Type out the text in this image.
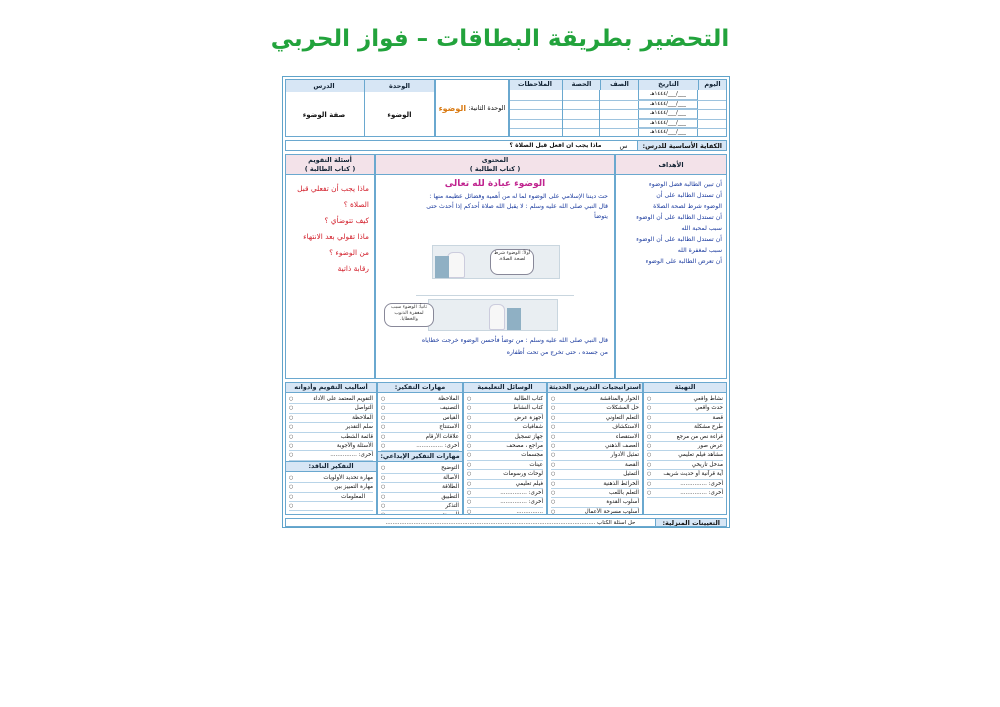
التحضير بطريقة البطاقات – فواز الحربي
اليوم
التاريخ
الصف
الحصة
الملاحظات
___/___/١٤٤٤هـ
___/___/١٤٤٤هـ
___/___/١٤٤٤هـ
___/___/١٤٤٤هـ
___/___/١٤٤٤هـ
الوحدة الثانية:
الوضوء
الوحدة
الدرس
الوضوء
صفة الوضوء
الكفاية الأساسية للدرس:
س
ماذا يجب ان افعل قبل الصلاة ؟
الأهداف

أن تبين الطالبة فضل الوضوء

أن تستدل الطالبة على أن

الوضوء شرط لصحة الصلاة

أن تستدل الطالبة على أن الوضوء

سبب لمحبة الله

أن تستدل الطالبة على أن الوضوء

سبب لمغفرة الله

أن تعرض الطالبة على الوضوء

المحتوى
( كتاب الطالبة )
الوضوء عبادة لله تعالى

حث ديننا الإسلامي على الوضوء لما له من أهمية وفضائل عظيمة منها :

قال النبي صلى الله عليه وسلم : لا يقبل الله صلاة أحدكم إذا أحدث حتى يتوضأ

أولاً: الوضوء شرط لصحة الصلاة.
ثانياً: الوضوء سبب لمغفرة الذنوب والخطايا.

قال النبي صلى الله عليه وسلم : من توضأ فأحسن الوضوء خرجت خطاياه

من جسده ، حتى تخرج من تحت أظفاره

أسئلة التقويم
( كتاب الطالبة )

ماذا يجب أن تفعلي قبل

الصلاة ؟

كيف تتوضأي ؟

ماذا تقولي بعد الانتهاء

من الوضوء ؟

رقابة ذاتية

التهيئة
نشاط واقعي ○
حدث واقعي ○
قصة ○
طرح مشكلة ○
قراءة نص من مرجع ○
عرض صور ○
مشاهد فيلم تعليمي ○
مدخل تاريخي ○
آية قرآنية أو حديث شريف ○
أخرى: ............... ○
أخرى: ............... ○
استراتيجيات التدريس الحديثة
الحوار والمناقشة ○
حل المشكلات ○
التعلم التعاوني ○
الاستكشاف ○
الاستقصاء ○
العصف الذهني ○
تمثيل الأدوار ○
القصة ○
التمثيل ○
الخرائط الذهنية ○
التعلم باللعب ○
أسلوب القدوة ○
أسلوب مسرحة الأعمال ○
الوسائل التعليمية
كتاب الطالبة ○
كتاب النشاط ○
أجهزة عرض ○
شفافيات ○
جهاز تسجيل ○
مراجع ، مصحف ○
مجسمات ○
عينات ○
لوحات ورسومات ○
فيلم تعليمي ○
أخرى: ............... ○
أخرى: ............... ○
............... ○
مهارات التفكير:
الملاحظة ○
التصنيف ○
القياس ○
الاستنتاج ○
علاقات الأرقام ○
أخرى: ............... ○
مهارات التفكير الإبداعي:
التوضيح ○
الأصالة ○
الطلاقة ○
التطبيق ○
التذكر ○
○
أساليب التقويم وأدواته
التقويم المعتمد على الأداء ○
التواصل ○
الملاحظة ○
سلم التقدير ○
قائمة الشطب ○
الأسئلة والأجوبة ○
أخرى: ............... ○
التفكير الناقد:
مهارة تحديد الأولويات ○
مهارة التمييز بين ○
المعلومات ○
○
التعيينات المنزلية:
حل أسئلة الكتاب ........................................................................................................................
